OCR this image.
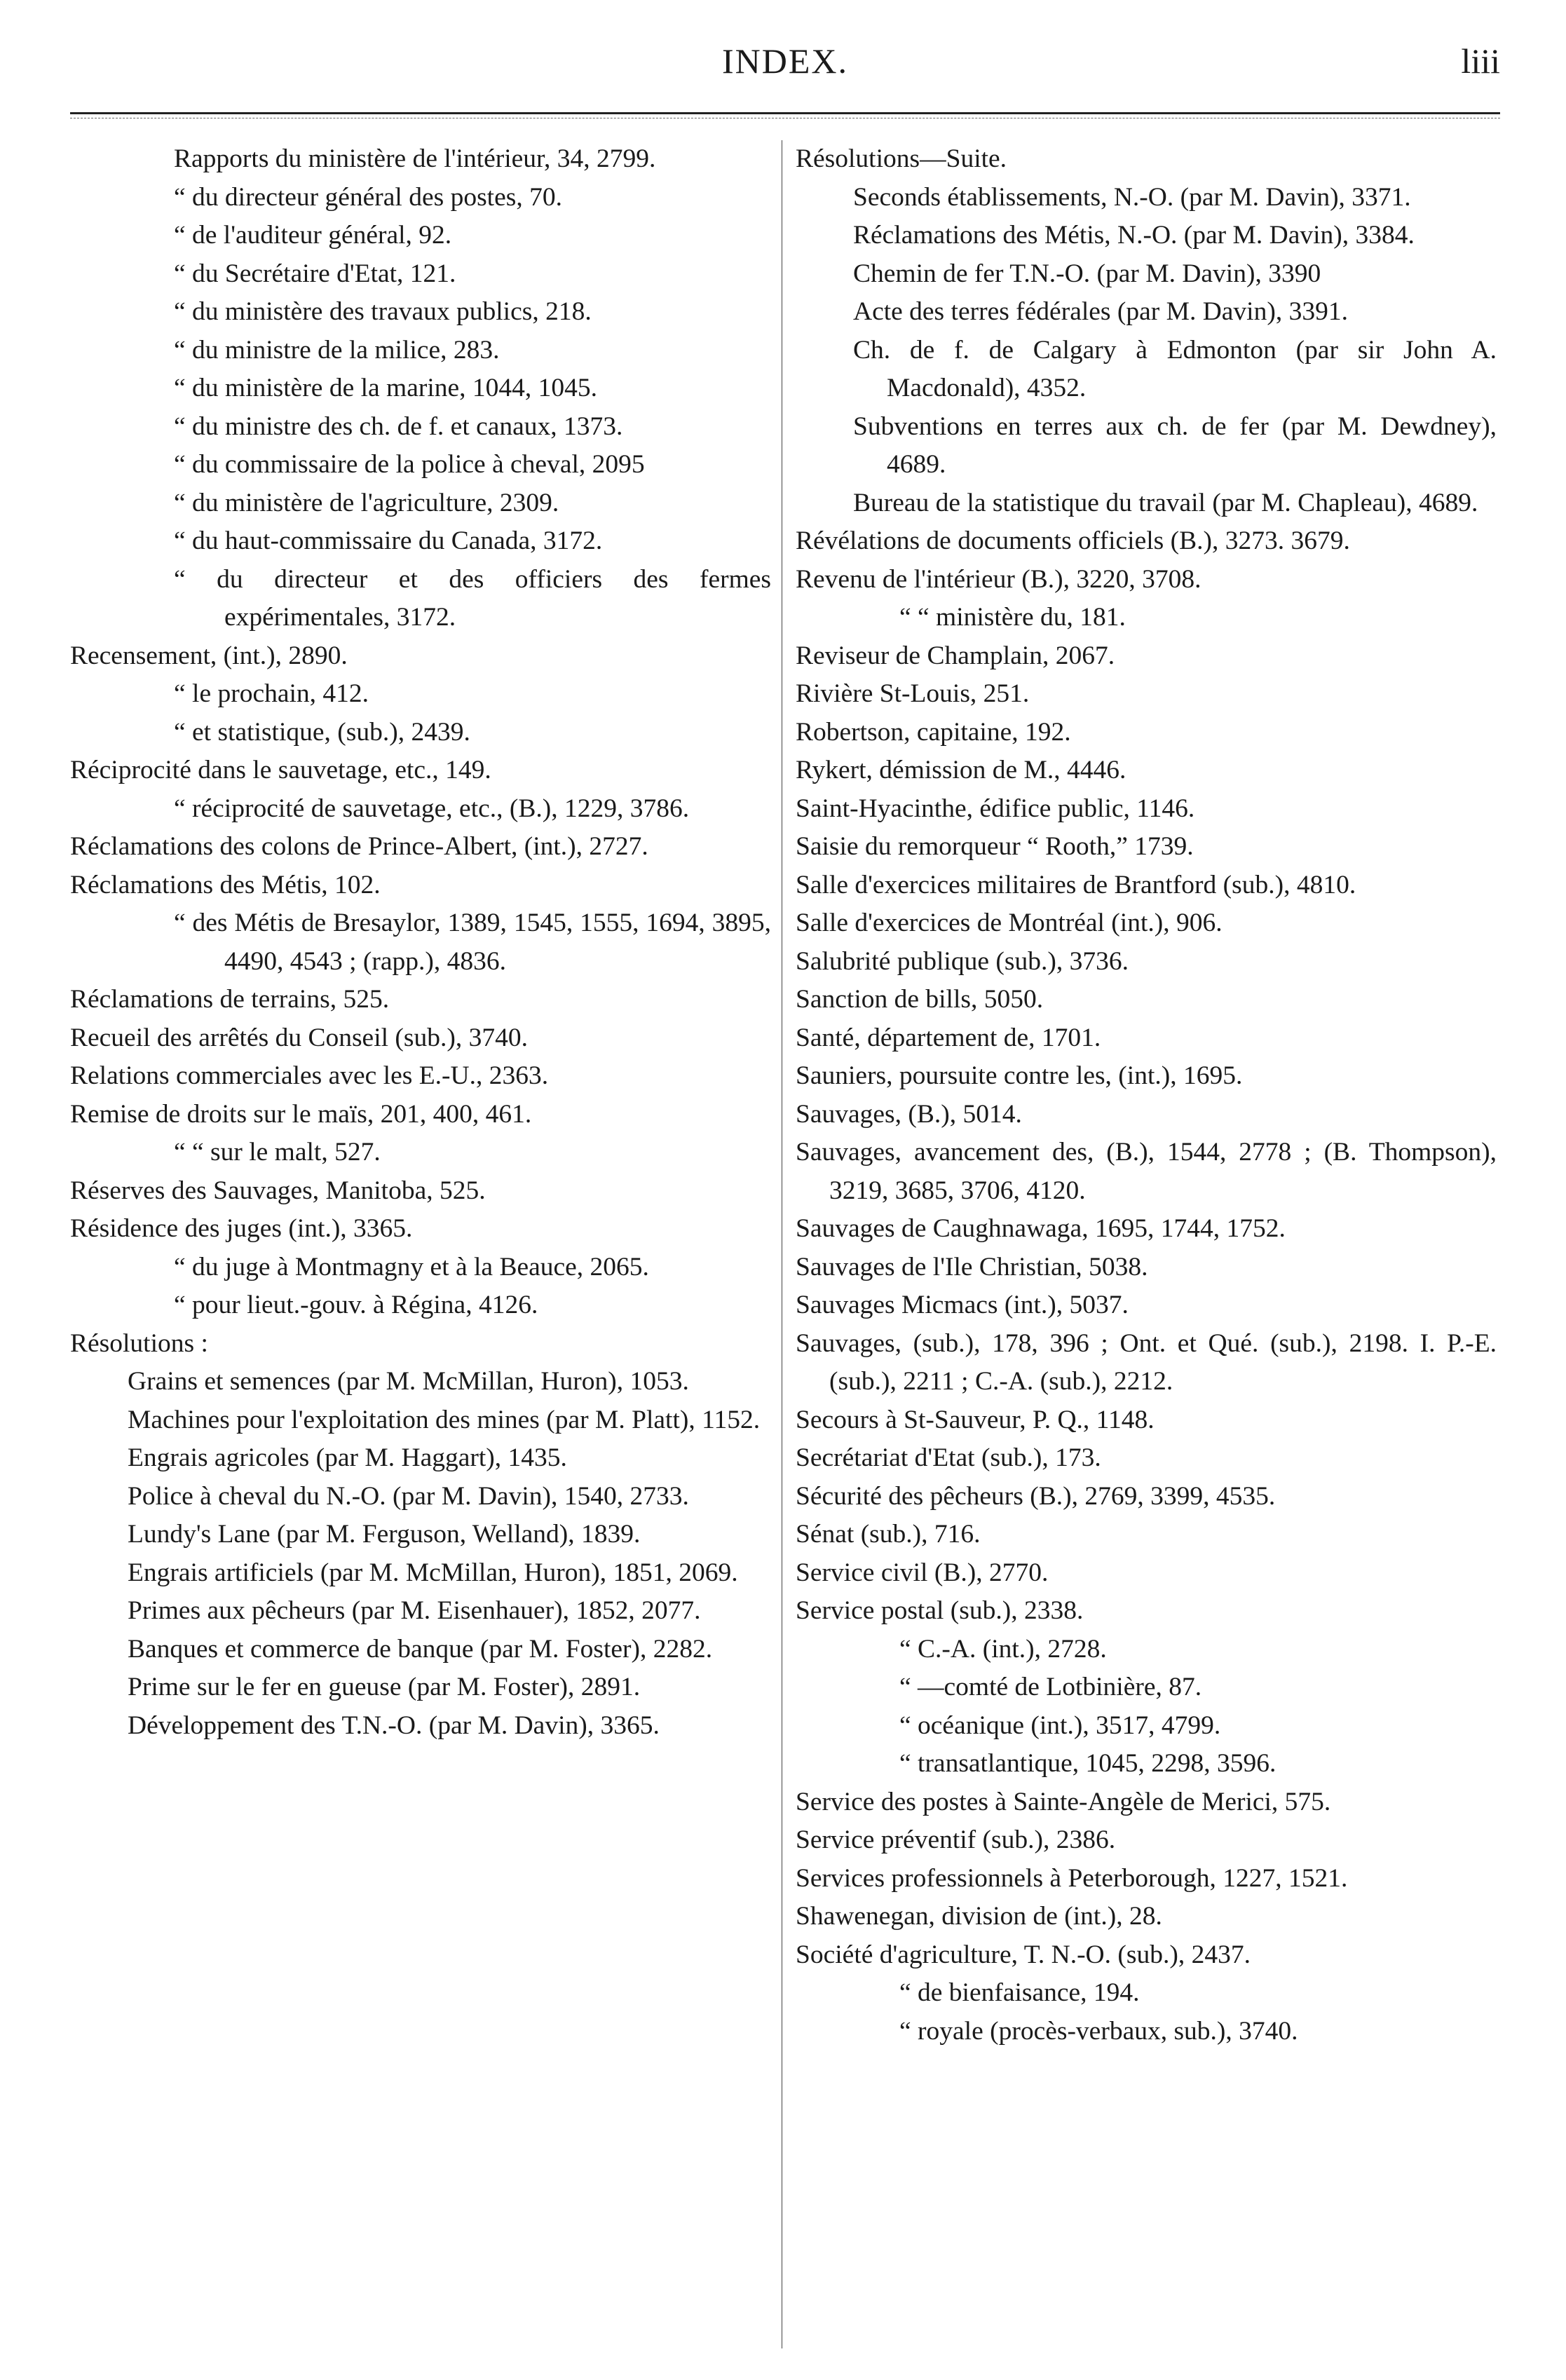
INDEX.	liii
Rapports du ministère de l'intérieur, 34, 2799.
“ du directeur général des postes, 70.
“ de l'auditeur général, 92.
“ du Secrétaire d'Etat, 121.
“ du ministère des travaux publics, 218.
“ du ministre de la milice, 283.
“ du ministère de la marine, 1044, 1045.
“ du ministre des ch. de f. et canaux, 1373.
“ du commissaire de la police à cheval, 2095
“ du ministère de l'agriculture, 2309.
“ du haut-commissaire du Canada, 3172.
“ du directeur et des officiers des fermes expérimentales, 3172.
Recensement, (int.), 2890.
“ le prochain, 412.
“ et statistique, (sub.), 2439.
Réciprocité dans le sauvetage, etc., 149.
“ réciprocité de sauvetage, etc., (B.), 1229, 3786.
Réclamations des colons de Prince-Albert, (int.), 2727.
Réclamations des Métis, 102.
“ des Métis de Bresaylor, 1389, 1545, 1555, 1694, 3895, 4490, 4543 ; (rapp.), 4836.
Réclamations de terrains, 525.
Recueil des arrêtés du Conseil (sub.), 3740.
Relations commerciales avec les E.-U., 2363.
Remise de droits sur le maïs, 201, 400, 461.
“ “ sur le malt, 527.
Réserves des Sauvages, Manitoba, 525.
Résidence des juges (int.), 3365.
“ du juge à Montmagny et à la Beauce, 2065.
“ pour lieut.-gouv. à Régina, 4126.
Résolutions :
Grains et semences (par M. McMillan, Huron), 1053.
Machines pour l'exploitation des mines (par M. Platt), 1152.
Engrais agricoles (par M. Haggart), 1435.
Police à cheval du N.-O. (par M. Davin), 1540, 2733.
Lundy's Lane (par M. Ferguson, Welland), 1839.
Engrais artificiels (par M. McMillan, Huron), 1851, 2069.
Primes aux pêcheurs (par M. Eisenhauer), 1852, 2077.
Banques et commerce de banque (par M. Foster), 2282.
Prime sur le fer en gueuse (par M. Foster), 2891.
Développement des T.N.-O. (par M. Davin), 3365.
Résolutions—Suite.
Seconds établissements, N.-O. (par M. Davin), 3371.
Réclamations des Métis, N.-O. (par M. Davin), 3384.
Chemin de fer T.N.-O. (par M. Davin), 3390
Acte des terres fédérales (par M. Davin), 3391.
Ch. de f. de Calgary à Edmonton (par sir John A. Macdonald), 4352.
Subventions en terres aux ch. de fer (par M. Dewdney), 4689.
Bureau de la statistique du travail (par M. Chapleau), 4689.
Révélations de documents officiels (B.), 3273. 3679.
Revenu de l'intérieur (B.), 3220, 3708.
“ “ ministère du, 181.
Reviseur de Champlain, 2067.
Rivière St-Louis, 251.
Robertson, capitaine, 192.
Rykert, démission de M., 4446.
Saint-Hyacinthe, édifice public, 1146.
Saisie du remorqueur “ Rooth,” 1739.
Salle d'exercices militaires de Brantford (sub.), 4810.
Salle d'exercices de Montréal (int.), 906.
Salubrité publique (sub.), 3736.
Sanction de bills, 5050.
Santé, département de, 1701.
Sauniers, poursuite contre les, (int.), 1695.
Sauvages, (B.), 5014.
Sauvages, avancement des, (B.), 1544, 2778 ; (B. Thompson), 3219, 3685, 3706, 4120.
Sauvages de Caughnawaga, 1695, 1744, 1752.
Sauvages de l'Ile Christian, 5038.
Sauvages Micmacs (int.), 5037.
Sauvages, (sub.), 178, 396 ; Ont. et Qué. (sub.), 2198. I. P.-E. (sub.), 2211 ; C.-A. (sub.), 2212.
Secours à St-Sauveur, P. Q., 1148.
Secrétariat d'Etat (sub.), 173.
Sécurité des pêcheurs (B.), 2769, 3399, 4535.
Sénat (sub.), 716.
Service civil (B.), 2770.
Service postal (sub.), 2338.
“ C.-A. (int.), 2728.
“ —comté de Lotbinière, 87.
“ océanique (int.), 3517, 4799.
“ transatlantique, 1045, 2298, 3596.
Service des postes à Sainte-Angèle de Merici, 575.
Service préventif (sub.), 2386.
Services professionnels à Peterborough, 1227, 1521.
Shawenegan, division de (int.), 28.
Société d'agriculture, T. N.-O. (sub.), 2437.
“ de bienfaisance, 194.
“ royale (procès-verbaux, sub.), 3740.
